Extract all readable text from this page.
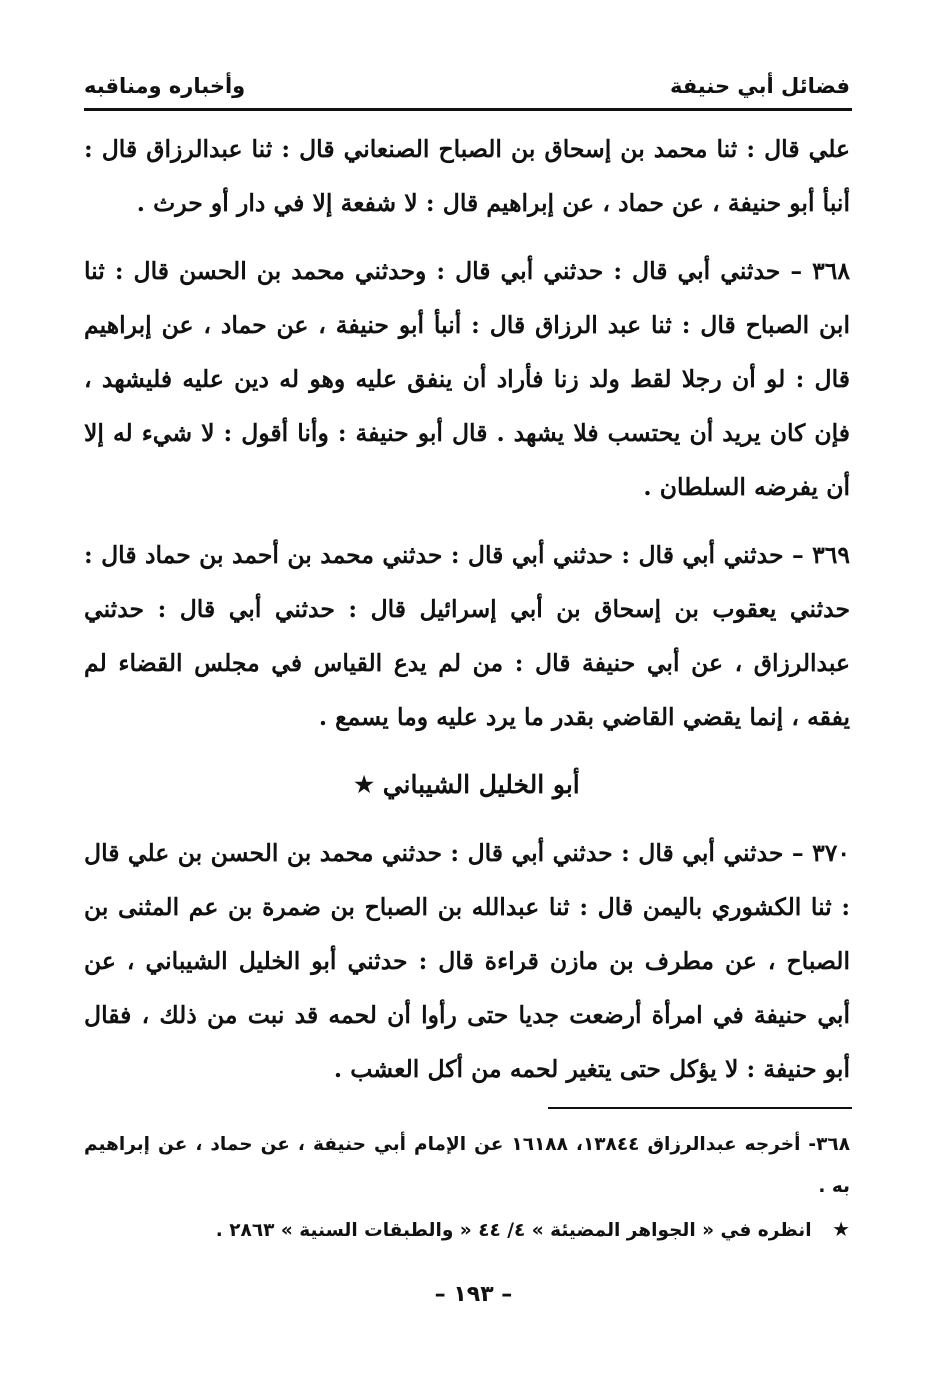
فضائل أبي حنيفة
وأخباره ومناقبه

علي قال : ثنا محمد بن إسحاق بن الصباح الصنعاني قال : ثنا عبدالرزاق قال : أنبأ أبو حنيفة ، عن حماد ، عن إبراهيم قال : لا شفعة إلا في دار أو حرث .

٣٦٨ – حدثني أبي قال : حدثني أبي قال : وحدثني محمد بن الحسن قال : ثنا ابن الصباح قال : ثنا عبد الرزاق قال : أنبأ أبو حنيفة ، عن حماد ، عن إبراهيم قال : لو أن رجلا لقط ولد زنا فأراد أن ينفق عليه وهو له دين عليه فليشهد ، فإن كان يريد أن يحتسب فلا يشهد . قال أبو حنيفة : وأنا أقول : لا شيء له إلا أن يفرضه السلطان .

٣٦٩ – حدثني أبي قال : حدثني أبي قال : حدثني محمد بن أحمد بن حماد قال : حدثني يعقوب بن إسحاق بن أبي إسرائيل قال : حدثني أبي قال : حدثني عبدالرزاق ، عن أبي حنيفة قال : من لم يدع القياس في مجلس القضاء لم يفقه ، إنما يقضي القاضي بقدر ما يرد عليه وما يسمع .

أبو الخليل الشيباني ★

٣٧٠ – حدثني أبي قال : حدثني أبي قال : حدثني محمد بن الحسن بن علي قال : ثنا الكشوري باليمن قال : ثنا عبدالله بن الصباح بن ضمرة بن عم المثنى بن الصباح ، عن مطرف بن مازن قراءة قال : حدثني أبو الخليل الشيباني ، عن أبي حنيفة في امرأة أرضعت جديا حتى رأوا أن لحمه قد نبت من ذلك ، فقال أبو حنيفة : لا يؤكل حتى يتغير لحمه من أكل العشب .

٣٦٨- أخرجه عبدالرزاق ١٣٨٤٤، ١٦١٨٨ عن الإمام أبي حنيفة ، عن حماد ، عن إبراهيم به .

★ انظره في « الجواهر المضيئة » ٤/ ٤٤ « والطبقات السنية » ٢٨٦٣ .

– ١٩٣ –
